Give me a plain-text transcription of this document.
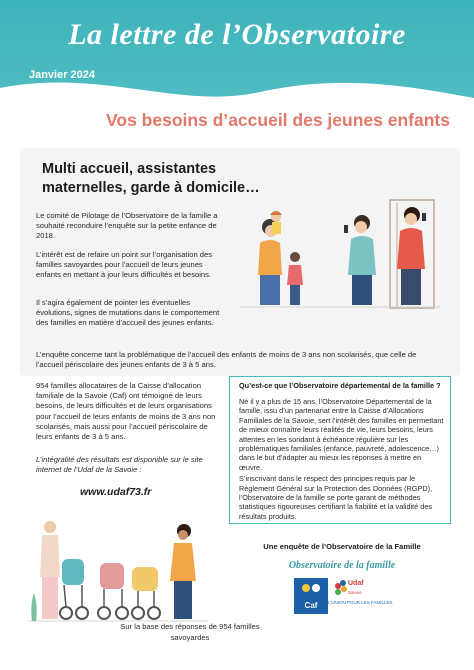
La lettre de l’Observatoire
Janvier 2024
N° 18
Vos besoins d’accueil des jeunes enfants
Multi accueil, assistantes maternelles, garde à domicile…
Le comité de Pilotage de l’Observatoire de la famille a souhaité reconduire l’enquête sur la petite enfance de 2018.
L’intérêt est de refaire un point sur l’organisation des familles savoyardes pour l’accueil de leurs jeunes enfants en mettant à jour leurs difficultés et besoins.
Il s’agira également de pointer les éventuelles évolutions, signes de mutations dans le comportement des familles en matière d’accueil des jeunes enfants.
L’enquête concerne tant la problématique de l’accueil des enfants de moins de 3 ans non scolarisés, que celle de l’accueil périscolaire des jeunes enfants de 3 à 5 ans.
954 familles allocataires de la Caisse d’allocation familiale de la Savoie (Caf) ont témoigné de leurs besoins, de leurs difficultés et de leurs organisations pour l’accueil de leurs enfants de moins de 3 ans non scolarisés, mais aussi pour l’accueil périscolaire de leurs enfants de 3 à 5 ans.
L’intégralité des résultats est disponible sur le site internet de l’Udaf de la Savoie :
www.udaf73.fr
Qu’est-ce que l’Observatoire départemental de la famille ?

Né il y a plus de 15 ans, l’Observatoire Départemental de la famille, issu d’un partenariat entre la Caisse d’Allocations Familiales de la Savoie, sert l’intérêt des familles en permettant de mieux connaître leurs réalités de vie, leurs besoins, leurs attentes en les sondant à échéance régulière sur les problématiques familiales (enfance, pauvreté, adolescence…) dans le but d’adapter au mieux les réponses à mettre en œuvre.

S’inscrivant dans le respect des principes requis par le Règlement Général sur la Protection des Données (RGPD), l’Observatoire de la famille se porte garant de méthodes statistiques rigoureuses certifiant la fiabilité et la validité des résultats produits.

Sur la base des réponses de 954 familles savoyardes
Une enquête de l’Observatoire de la Famille
Observatoire de la famille
Caf
Udaf
Savoie
L’UNION POUR LES FAMILLES
